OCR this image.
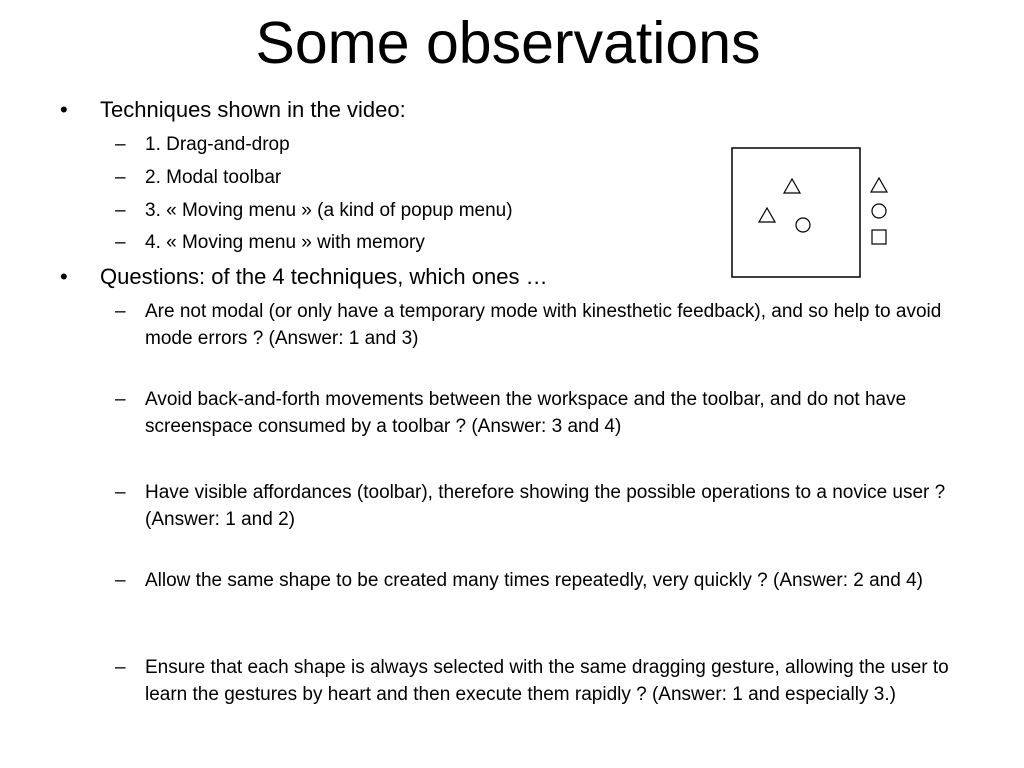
Some observations
• Techniques shown in the video:
– 1. Drag-and-drop
– 2. Modal toolbar
– 3. « Moving menu » (a kind of popup menu)
– 4. « Moving menu » with memory
• Questions: of the 4 techniques, which ones …
– Are not modal (or only have a temporary mode with kinesthetic feedback), and so help to avoid mode errors ? (Answer: 1 and 3)
– Avoid back-and-forth movements between the workspace and the toolbar, and do not have screenspace consumed by a toolbar ? (Answer: 3 and 4)
– Have visible affordances (toolbar), therefore showing the possible operations to a novice user ? (Answer: 1 and 2)
– Allow the same shape to be created many times repeatedly, very quickly ? (Answer: 2 and 4)
– Ensure that each shape is always selected with the same dragging gesture, allowing the user to learn the gestures by heart and then execute them rapidly ? (Answer: 1 and especially 3.)
